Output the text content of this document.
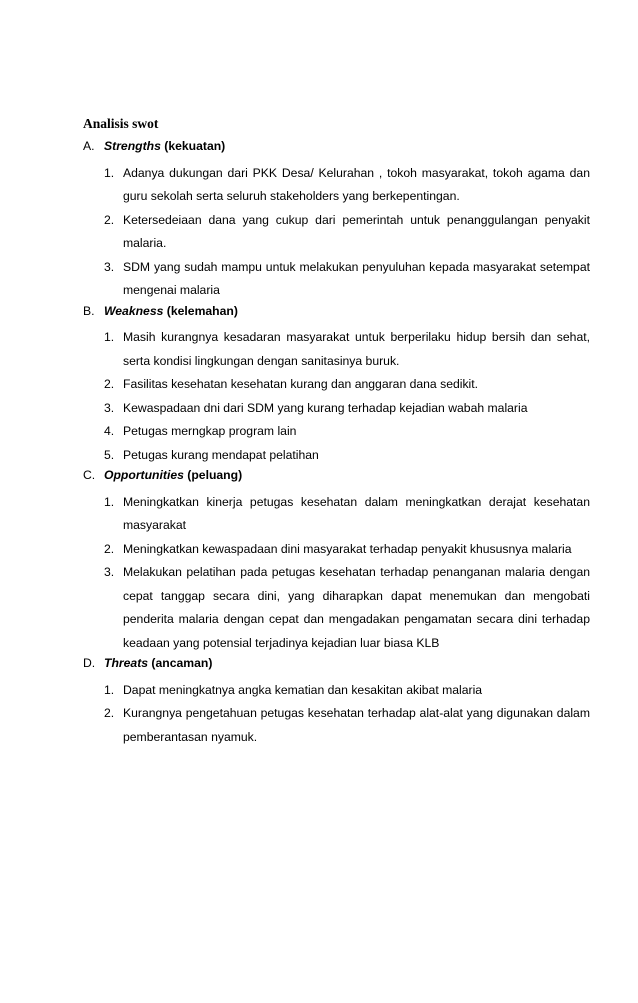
Analisis swot
A. Strengths (kekuatan)
1. Adanya dukungan dari PKK Desa/ Kelurahan , tokoh masyarakat, tokoh agama dan guru sekolah serta seluruh stakeholders yang berkepentingan.
2. Ketersedeiaan dana yang cukup dari pemerintah untuk penanggulangan penyakit malaria.
3. SDM yang sudah mampu untuk melakukan penyuluhan kepada masyarakat setempat mengenai malaria
B. Weakness (kelemahan)
1. Masih kurangnya kesadaran masyarakat untuk berperilaku hidup bersih dan sehat, serta kondisi lingkungan dengan sanitasinya buruk.
2. Fasilitas kesehatan kesehatan kurang dan anggaran dana sedikit.
3. Kewaspadaan dni dari SDM yang kurang terhadap kejadian wabah malaria
4. Petugas merngkap program lain
5. Petugas kurang mendapat pelatihan
C. Opportunities (peluang)
1. Meningkatkan kinerja petugas kesehatan dalam meningkatkan derajat kesehatan masyarakat
2. Meningkatkan kewaspadaan dini masyarakat terhadap penyakit khususnya malaria
3. Melakukan pelatihan pada petugas kesehatan terhadap penanganan malaria dengan cepat tanggap secara dini, yang diharapkan dapat menemukan dan mengobati penderita malaria dengan cepat dan mengadakan pengamatan secara dini terhadap keadaan yang potensial terjadinya kejadian luar biasa KLB
D. Threats (ancaman)
1. Dapat meningkatnya angka kematian dan kesakitan akibat malaria
2. Kurangnya pengetahuan petugas kesehatan terhadap alat-alat yang digunakan dalam pemberantasan nyamuk.
